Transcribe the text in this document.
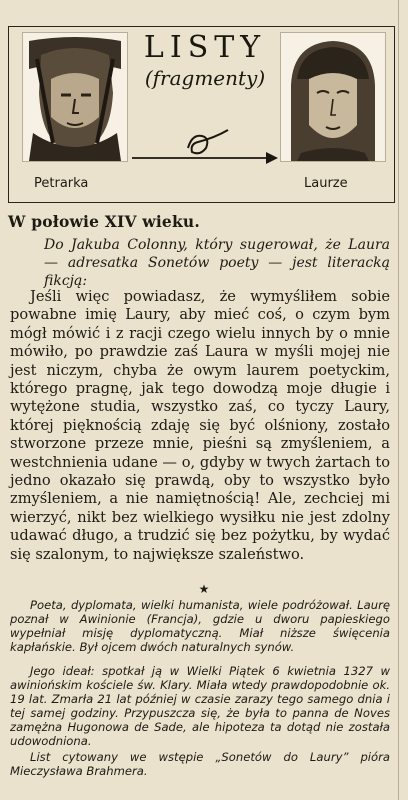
LISTY
(fragmenty)
Petrarka	Laurze
W połowie XIV wieku.
Do Jakuba Colonny, który sugerował, że Laura — adresatka Sonetów poety — jest literacką fikcją:
Jeśli więc powiadasz, że wymyśliłem sobie powabne imię Laury, aby mieć coś, o czym bym mógł mówić i z racji czego wielu innych by o mnie mówiło, po prawdzie zaś Laura w myśli mojej nie jest niczym, chyba że owym laurem poetyckim, którego pragnę, jak tego dowodzą moje długie i wytężone studia, wszystko zaś, co tyczy Laury, której pięknością zdaję się być olśniony, zostało stworzone przeze mnie, pieśni są zmyśleniem, a westchnienia udane — o, gdyby w twych żartach to jedno okazało się prawdą, oby to wszystko było zmyśleniem, a nie namiętnością! Ale, zechciej mi wierzyć, nikt bez wielkiego wysiłku nie jest zdolny udawać długo, a trudzić się bez pożytku, by wydać się szalonym, to największe szaleństwo.
★
Poeta, dyplomata, wielki humanista, wiele podróżował. Laurę poznał w Awinionie (Francja), gdzie u dworu papieskiego wypełniał misję dyplomatyczną. Miał niższe święcenia kapłańskie. Był ojcem dwóch naturalnych synów.
Jego ideał: spotkał ją w Wielki Piątek 6 kwietnia 1327 w awiniońskim kościele św. Klary. Miała wtedy prawdopodobnie ok. 19 lat. Zmarła 21 lat później w czasie zarazy tego samego dnia i tej samej godziny. Przypuszcza się, że była to panna de Noves zamężna Hugonowa de Sade, ale hipoteza ta dotąd nie została udowodniona.
List cytowany we wstępie „Sonetów do Laury” pióra Mieczysława Brahmera.
